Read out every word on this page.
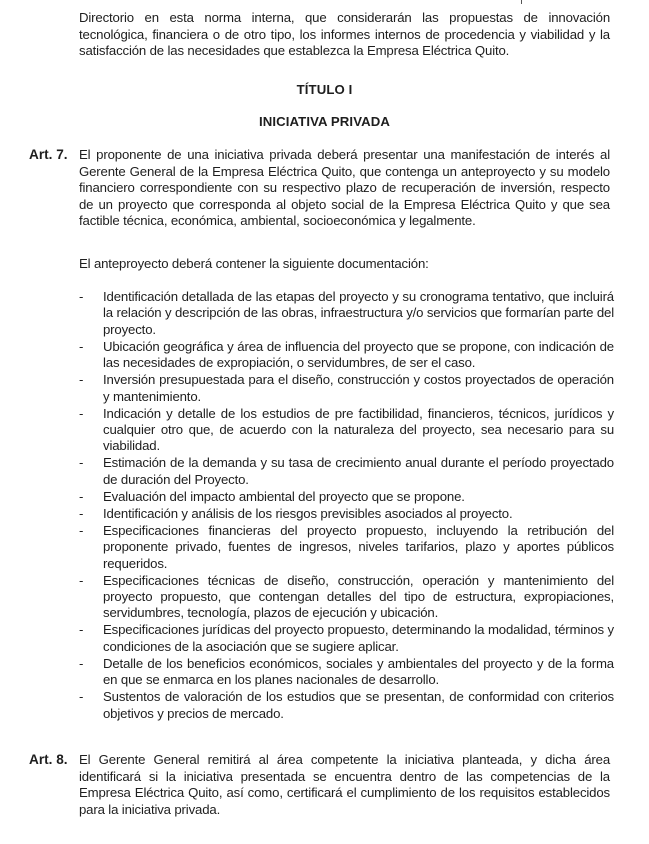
Directorio en esta norma interna, que considerarán las propuestas de innovación tecnológica, financiera o de otro tipo, los informes internos de procedencia y viabilidad y la satisfacción de las necesidades que establezca la Empresa Eléctrica Quito.
TÍTULO I
INICIATIVA PRIVADA
Art. 7. El proponente de una iniciativa privada deberá presentar una manifestación de interés al Gerente General de la Empresa Eléctrica Quito, que contenga un anteproyecto y su modelo financiero correspondiente con su respectivo plazo de recuperación de inversión, respecto de un proyecto que corresponda al objeto social de la Empresa Eléctrica Quito y que sea factible técnica, económica, ambiental, socioeconómica y legalmente.
El anteproyecto deberá contener la siguiente documentación:
-	Identificación detallada de las etapas del proyecto y su cronograma tentativo, que incluirá la relación y descripción de las obras, infraestructura y/o servicios que formarían parte del proyecto.
-	Ubicación geográfica y área de influencia del proyecto que se propone, con indicación de las necesidades de expropiación, o servidumbres, de ser el caso.
-	Inversión presupuestada para el diseño, construcción y costos proyectados de operación y mantenimiento.
-	Indicación y detalle de los estudios de pre factibilidad, financieros, técnicos, jurídicos y cualquier otro que, de acuerdo con la naturaleza del proyecto, sea necesario para su viabilidad.
-	Estimación de la demanda y su tasa de crecimiento anual durante el período proyectado de duración del Proyecto.
-	Evaluación del impacto ambiental del proyecto que se propone.
-	Identificación y análisis de los riesgos previsibles asociados al proyecto.
-	Especificaciones financieras del proyecto propuesto, incluyendo la retribución del proponente privado, fuentes de ingresos, niveles tarifarios, plazo y aportes públicos requeridos.
-	Especificaciones técnicas de diseño, construcción, operación y mantenimiento del proyecto propuesto, que contengan detalles del tipo de estructura, expropiaciones, servidumbres, tecnología, plazos de ejecución y ubicación.
-	Especificaciones jurídicas del proyecto propuesto, determinando la modalidad, términos y condiciones de la asociación que se sugiere aplicar.
-	Detalle de los beneficios económicos, sociales y ambientales del proyecto y de la forma en que se enmarca en los planes nacionales de desarrollo.
-	Sustentos de valoración de los estudios que se presentan, de conformidad con criterios objetivos y precios de mercado.
Art. 8. El Gerente General remitirá al área competente la iniciativa planteada, y dicha área identificará si la iniciativa presentada se encuentra dentro de las competencias de la Empresa Eléctrica Quito, así como, certificará el cumplimiento de los requisitos establecidos para la iniciativa privada.
